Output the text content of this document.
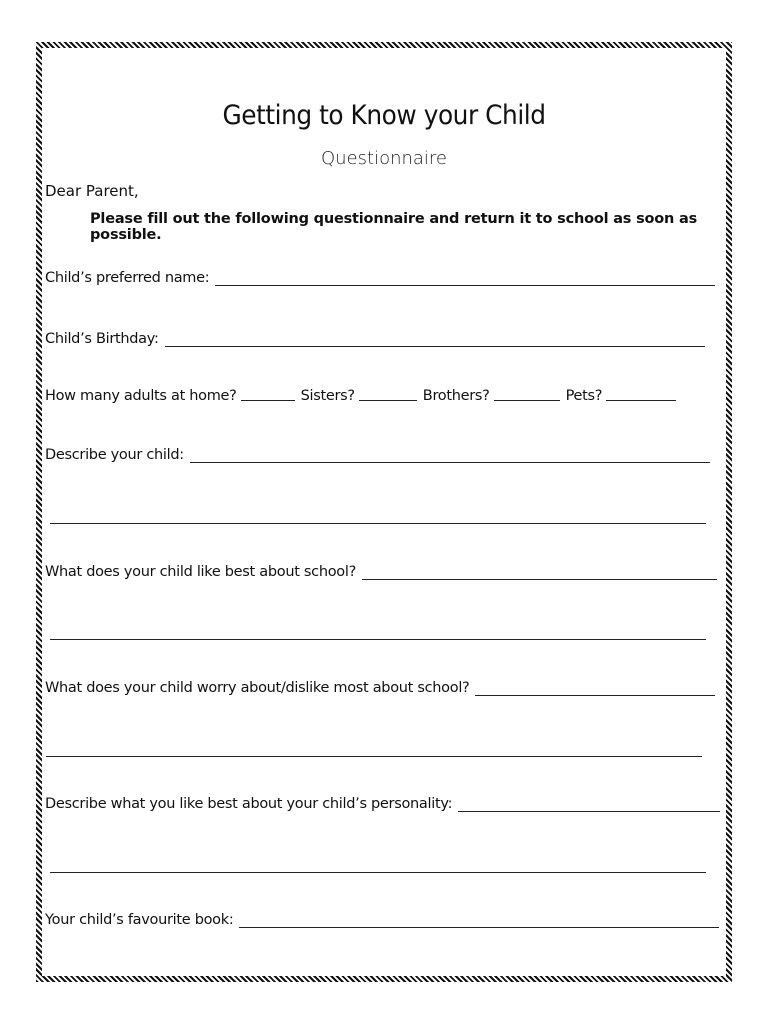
Getting to Know your Child
Questionnaire
Dear Parent,
Please fill out the following questionnaire and return it to school as soon as possible.
Child’s preferred name:
Child’s Birthday:
How many adults at home?	Sisters?	Brothers?	Pets?
Describe your child:
What does your child like best about school?
What does your child worry about/dislike most about school?
Describe what you like best about your child’s personality:
Your child’s favourite book:
